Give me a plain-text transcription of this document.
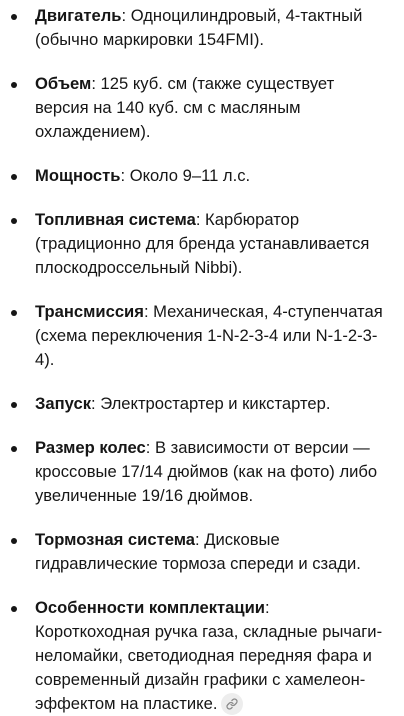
Двигатель: Одноцилиндровый, 4-тактный (обычно маркировки 154FMI).
Объем: 125 куб. см (также существует версия на 140 куб. см с масляным охлаждением).
Мощность: Около 9–11 л.с.
Топливная система: Карбюратор (традиционно для бренда устанавливается плоскодроссельный Nibbi).
Трансмиссия: Механическая, 4-ступенчатая (схема переключения 1-N-2-3-4 или N-1-2-3-4).
Запуск: Электростартер и кикстартер.
Размер колес: В зависимости от версии — кроссовые 17/14 дюймов (как на фото) либо увеличенные 19/16 дюймов.
Тормозная система: Дисковые гидравлические тормоза спереди и сзади.
Особенности комплектации: Короткоходная ручка газа, складные рычаги-неломайки, светодиодная передняя фара и современный дизайн графики с хамелеон-эффектом на пластике.
